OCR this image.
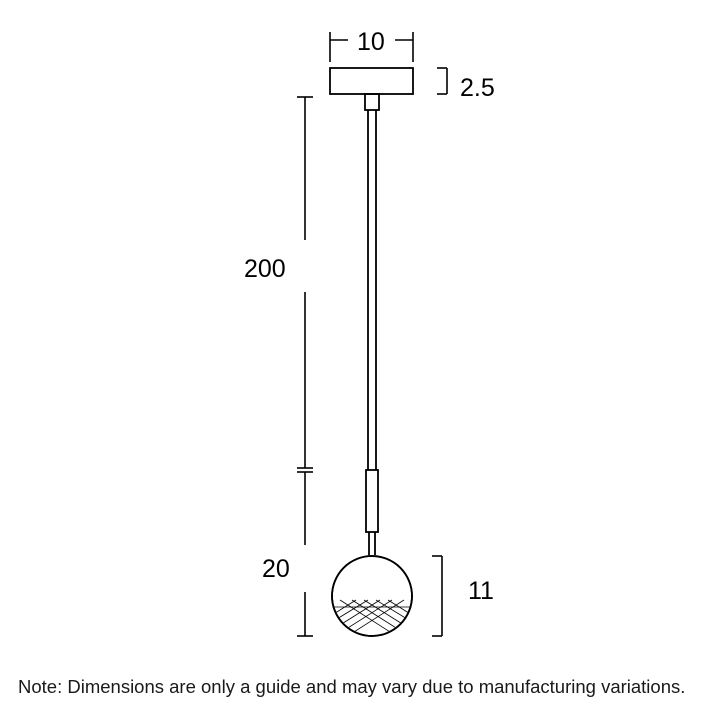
10
2.5
200
20
11
Note: Dimensions are only a guide and may vary due to manufacturing variations.
